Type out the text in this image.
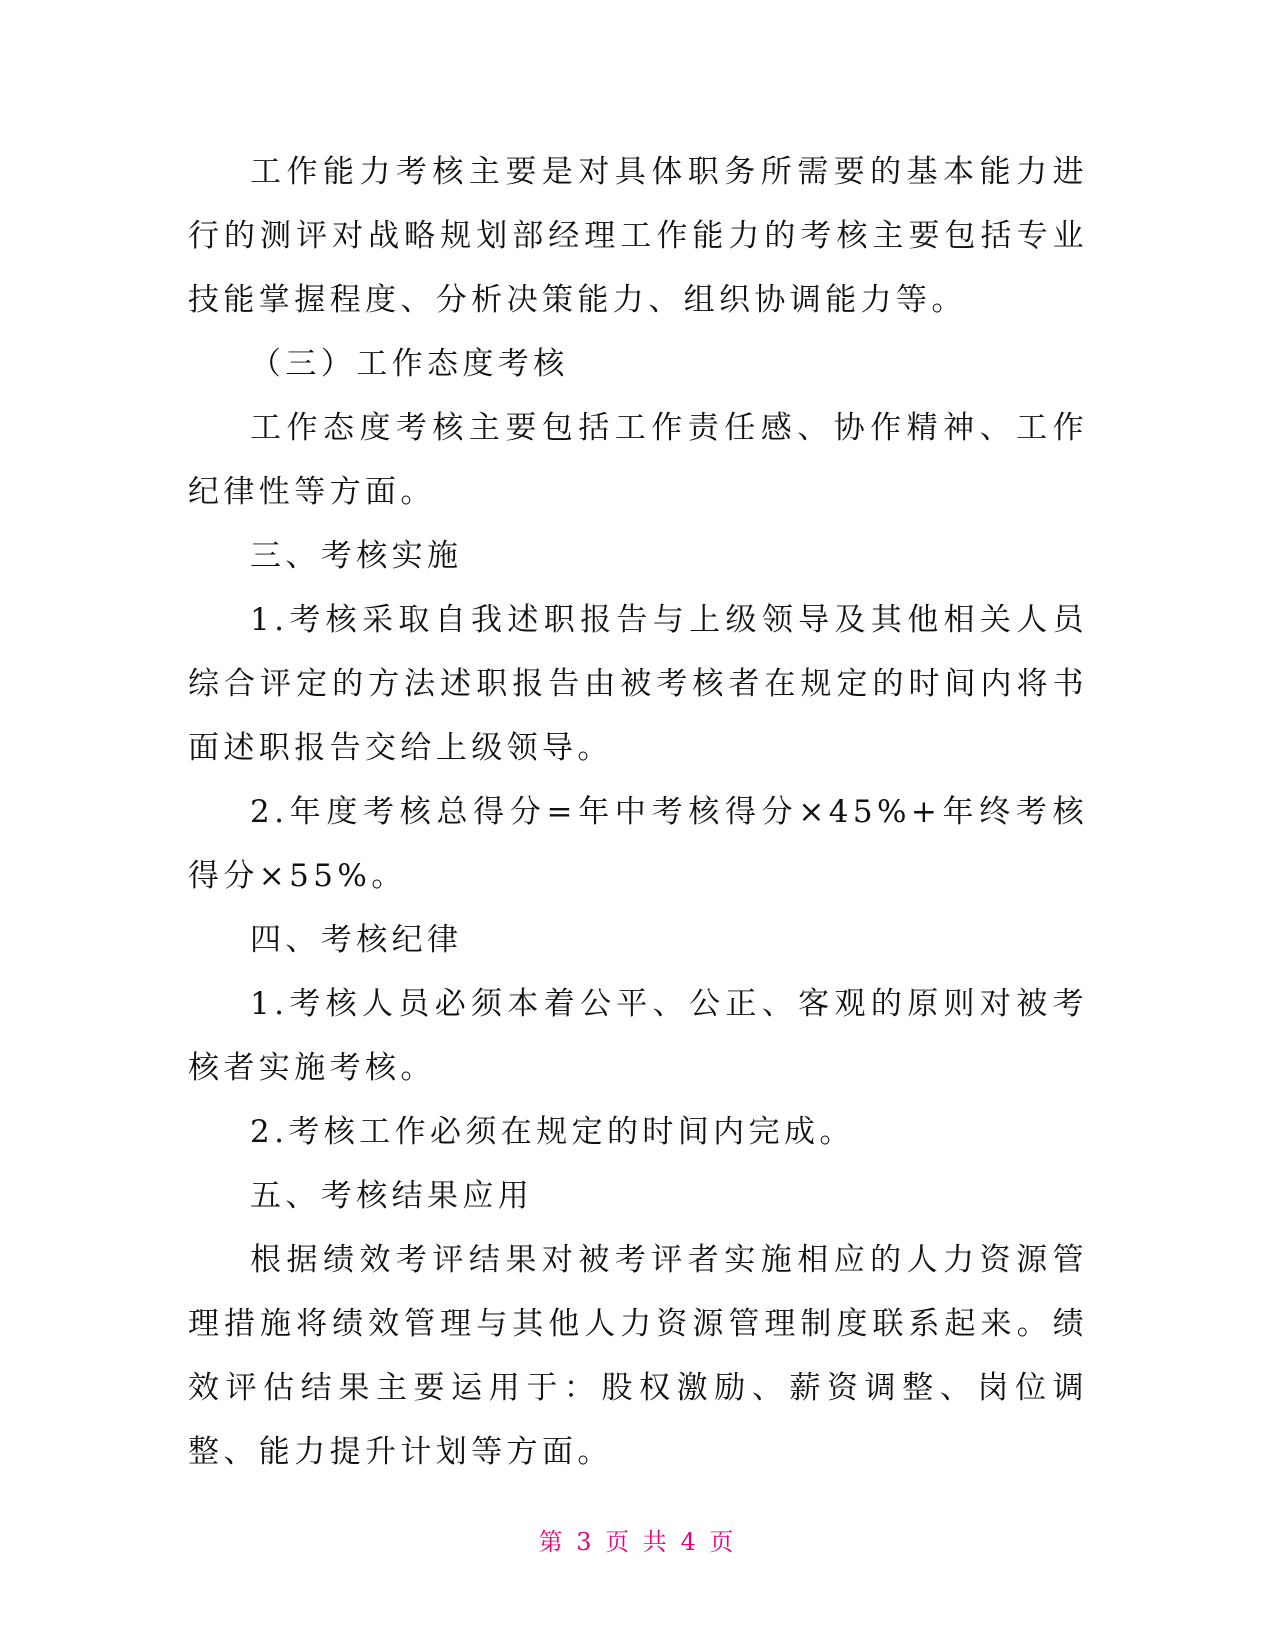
工作能力考核主要是对具体职务所需要的基本能力进行的测评对战略规划部经理工作能力的考核主要包括专业技能掌握程度、分析决策能力、组织协调能力等。

（三）工作态度考核

工作态度考核主要包括工作责任感、协作精神、工作纪律性等方面。

三、考核实施

1.考核采取自我述职报告与上级领导及其他相关人员综合评定的方法述职报告由被考核者在规定的时间内将书面述职报告交给上级领导。

2.年度考核总得分=年中考核得分×45%+年终考核得分×55%。

四、考核纪律

1.考核人员必须本着公平、公正、客观的原则对被考核者实施考核。

2.考核工作必须在规定的时间内完成。

五、考核结果应用

根据绩效考评结果对被考评者实施相应的人力资源管理措施将绩效管理与其他人力资源管理制度联系起来。绩效评估结果主要运用于：股权激励、薪资调整、岗位调整、能力提升计划等方面。

第 3 页 共 4 页
